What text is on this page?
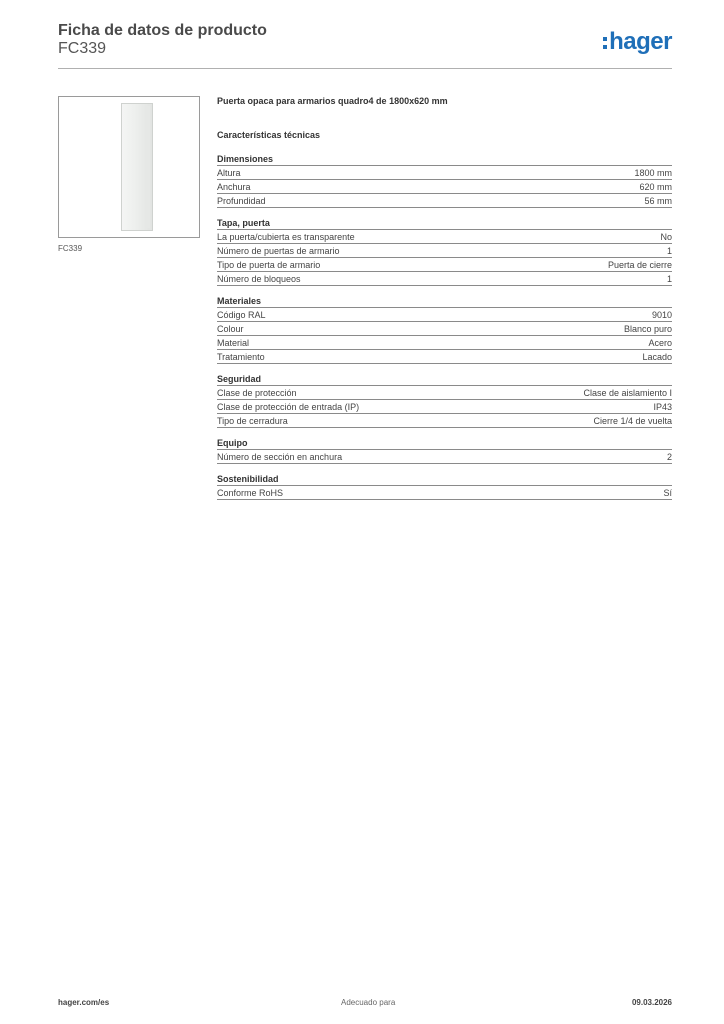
Ficha de datos de producto
FC339	hager
FC339
Puerta opaca para armarios quadro4 de 1800x620 mm
Características técnicas
Dimensiones
Altura	1800 mm
Anchura	620 mm
Profundidad	56 mm
Tapa, puerta
La puerta/cubierta es transparente	No
Número de puertas de armario	1
Tipo de puerta de armario	Puerta de cierre
Número de bloqueos	1
Materiales
Código RAL	9010
Colour	Blanco puro
Material	Acero
Tratamiento	Lacado
Seguridad
Clase de protección	Clase de aislamiento I
Clase de protección de entrada (IP)	IP43
Tipo de cerradura	Cierre 1/4 de vuelta
Equipo
Número de sección en anchura	2
Sostenibilidad
Conforme RoHS	Sí
hager.com/es	Adecuado para	09.03.2026
